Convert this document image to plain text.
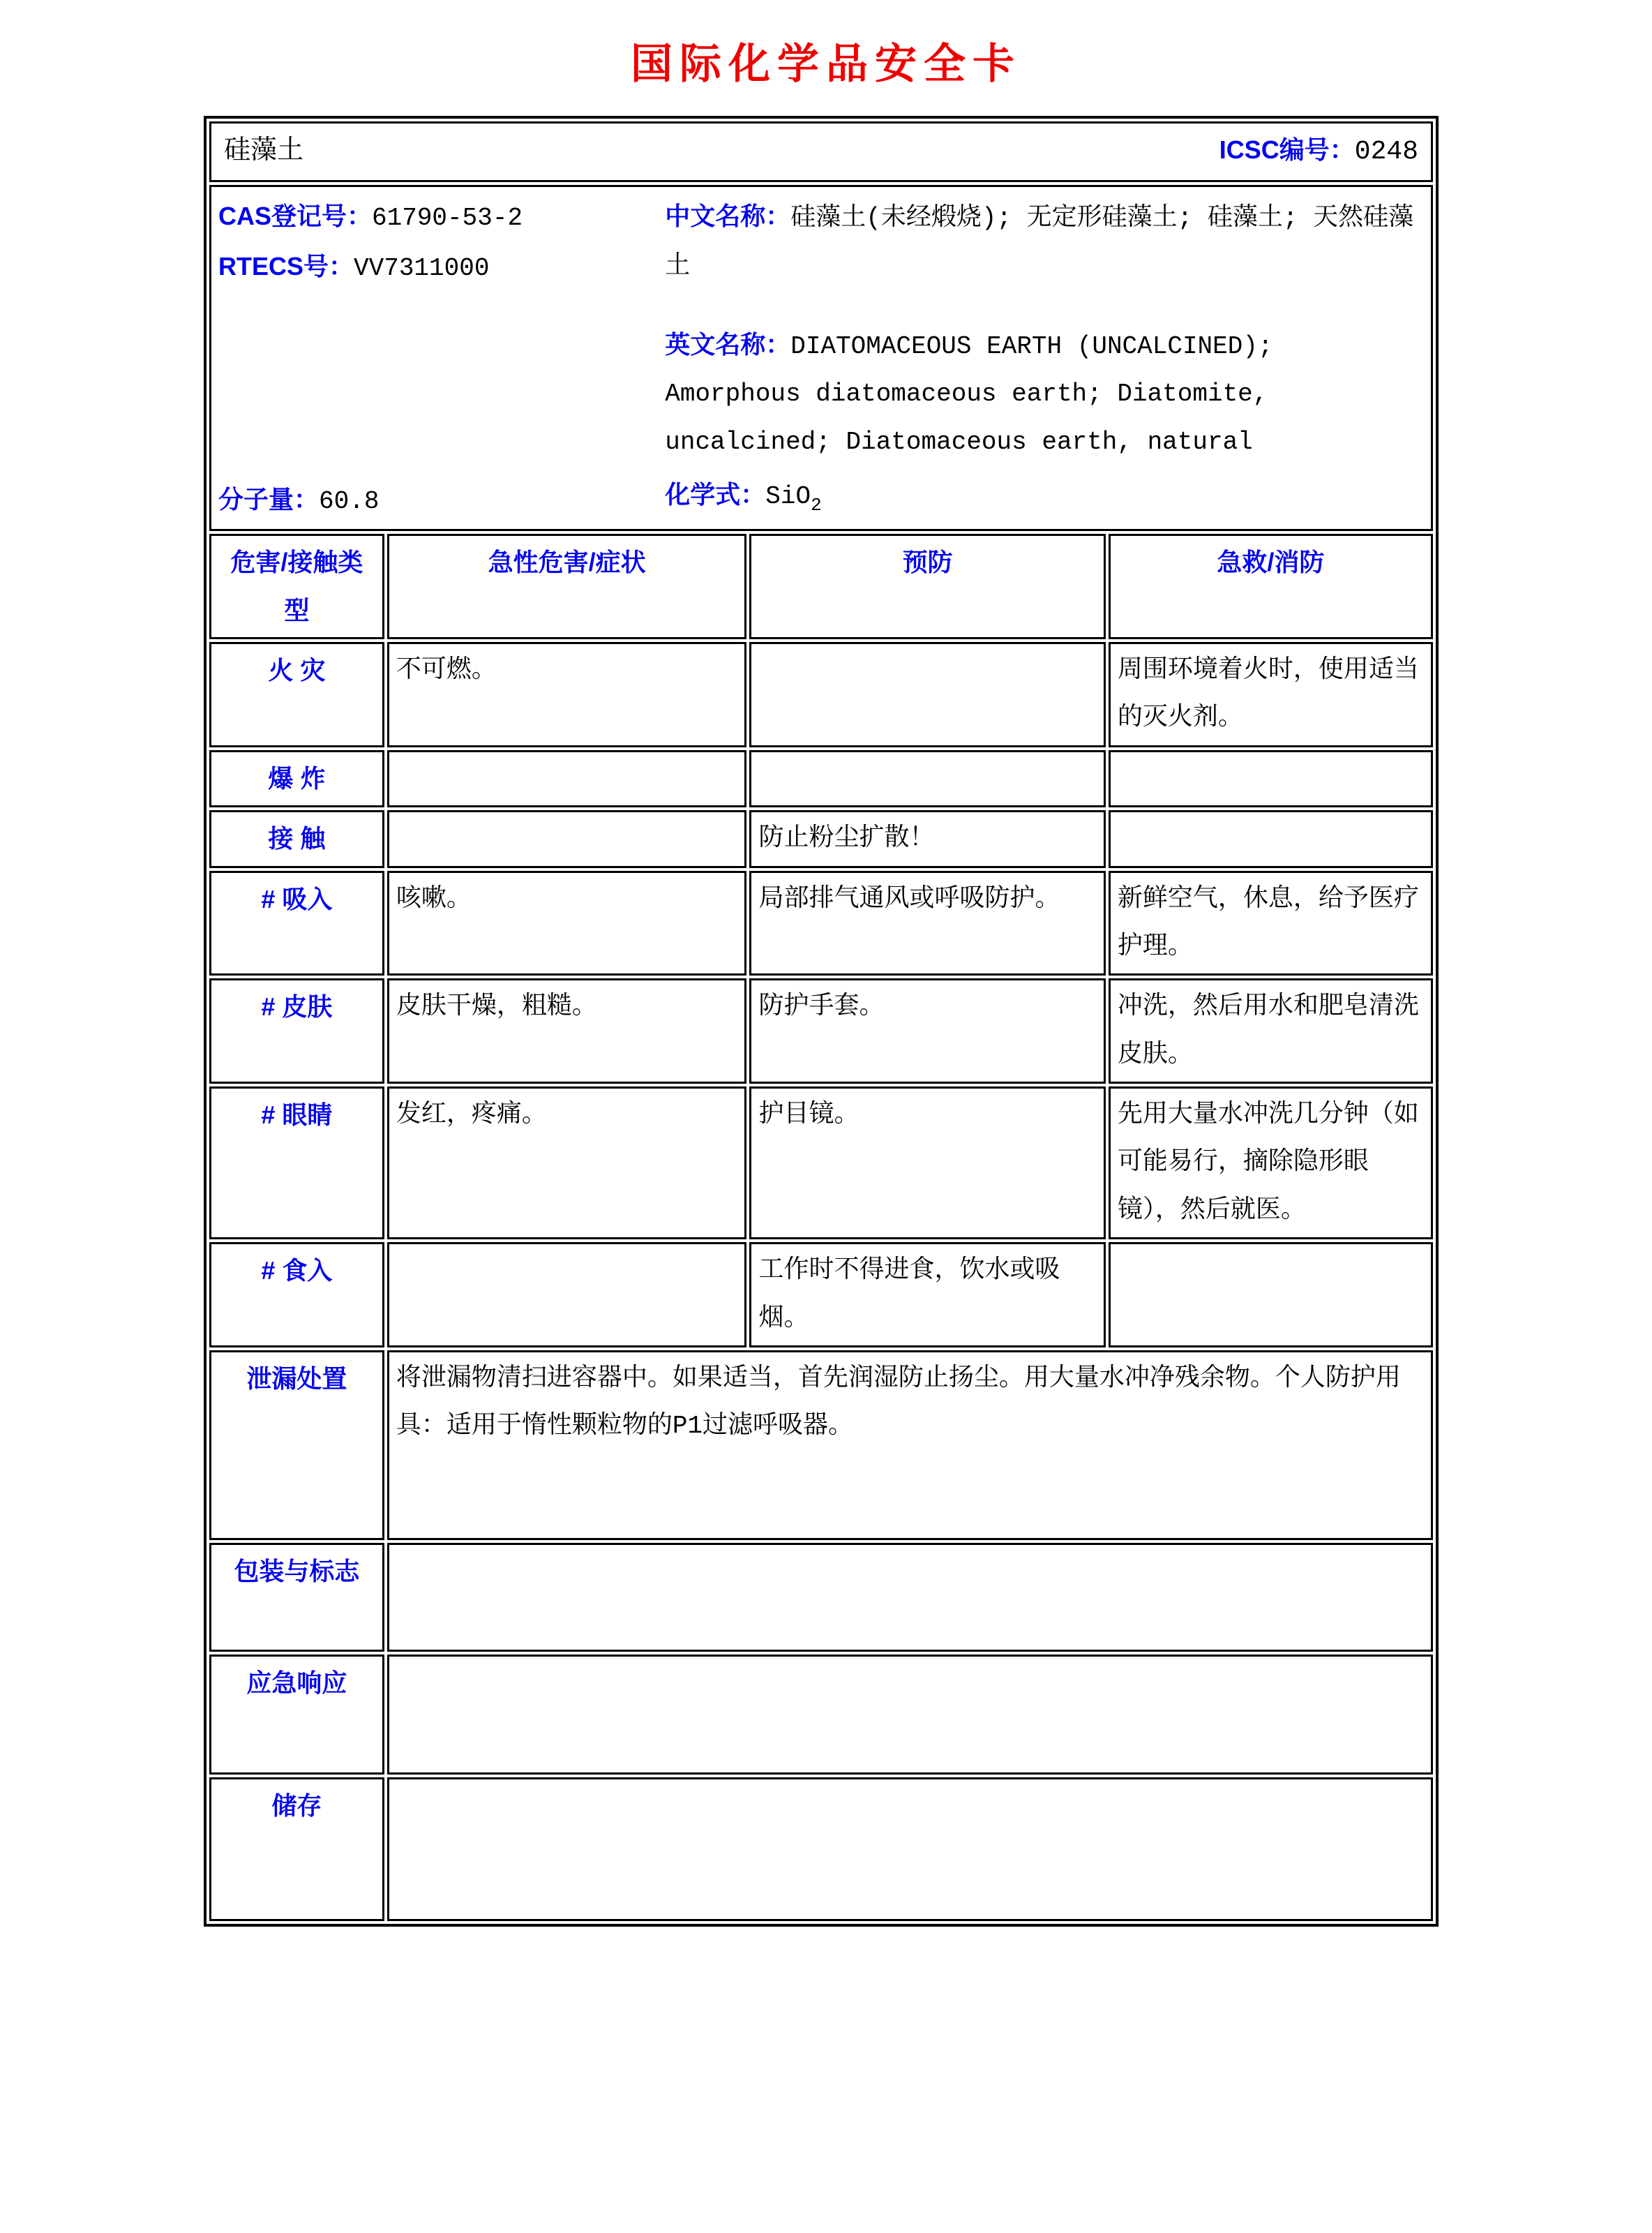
国际化学品安全卡
硅藻土 ICSC编号：0248			

CAS登记号：61790-53-2
RTECS号：VV7311000
中文名称：硅藻土(未经煅烧); 无定形硅藻土; 硅藻土; 天然硅藻土
英文名称：DIATOMACEOUS EARTH (UNCALCINED); Amorphous diatomaceous earth; Diatomite, uncalcined; Diatomaceous earth, natural
分子量：60.8	化学式：SiO$_2$

危害/接触类型	急性危害/症状	预防	急救/消防
火 灾	不可燃。		周围环境着火时，使用适当的灭火剂。
爆 炸			
接 触		防止粉尘扩散！	
# 吸入	咳嗽。	局部排气通风或呼吸防护。	新鲜空气，休息，给予医疗护理。
# 皮肤	皮肤干燥，粗糙。	防护手套。	冲洗，然后用水和肥皂清洗皮肤。
# 眼睛	发红，疼痛。	护目镜。	先用大量水冲洗几分钟（如可能易行，摘除隐形眼镜），然后就医。
# 食入		工作时不得进食，饮水或吸烟。	
泄漏处置	将泄漏物清扫进容器中。如果适当，首先润湿防止扬尘。用大量水冲净残余物。个人防护用具：适用于惰性颗粒物的P1过滤呼吸器。		
包装与标志			
应急响应			
储存			
